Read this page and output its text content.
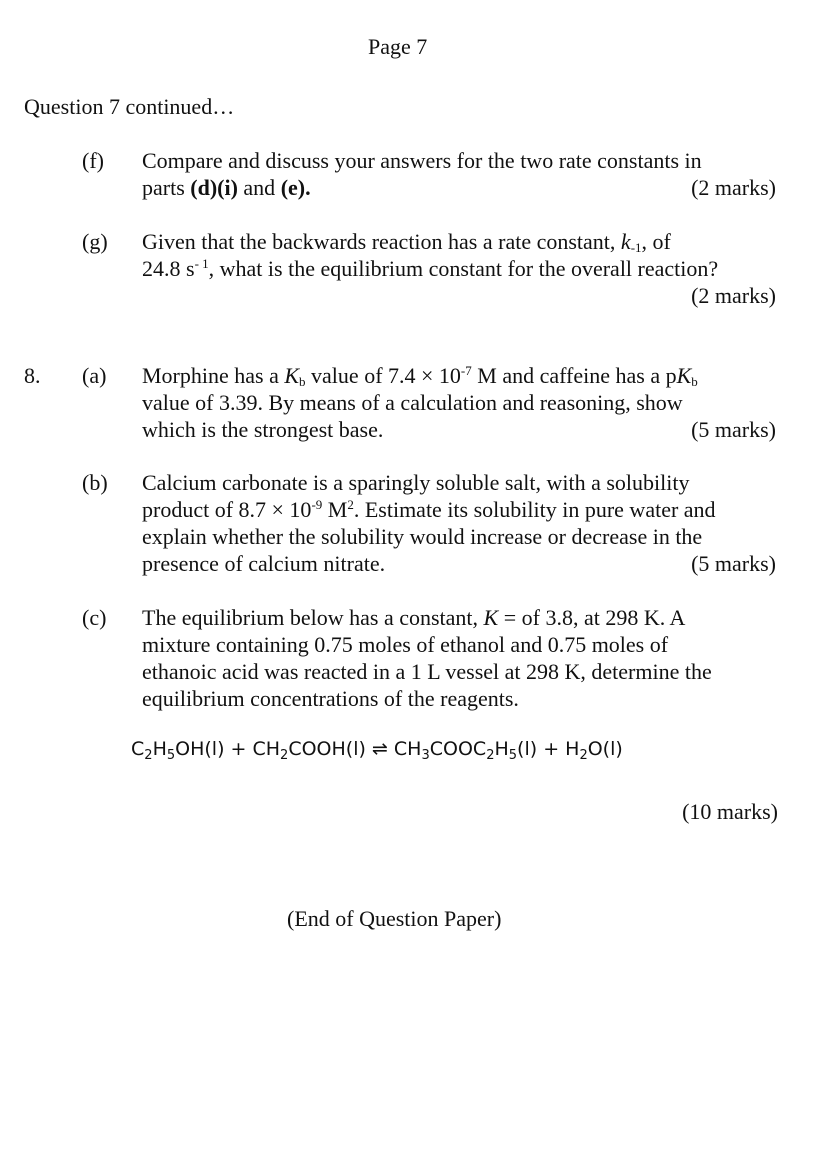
Page 7
Question 7 continued…
(f) Compare and discuss your answers for the two rate constants in
parts (d)(i) and (e).	(2 marks)
(g) Given that the backwards reaction has a rate constant, $k_{-1}$, of
24.8 $s^{- 1}$, what is the equilibrium constant for the overall reaction?
(2 marks)
8. (a) Morphine has a $K_b$ value of $7.4 \times 10^{-7}$ M and caffeine has a $pK_b$
value of 3.39. By means of a calculation and reasoning, show
which is the strongest base.	(5 marks)
(b) Calcium carbonate is a sparingly soluble salt, with a solubility
product of $8.7 \times 10^{-9}$ $M^2$. Estimate its solubility in pure water and
explain whether the solubility would increase or decrease in the
presence of calcium nitrate.	(5 marks)
(c) The equilibrium below has a constant, K = of 3.8, at 298 K. A
mixture containing 0.75 moles of ethanol and 0.75 moles of
ethanoic acid was reacted in a 1 L vessel at 298 K, determine the
equilibrium concentrations of the reagents.
$C_2H_5OH(l)$ + $CH_2COOH(l)$ ⇌ $CH_3COOC_2H_5(l) + H_2O(l)$
(10 marks)
(End of Question Paper)
